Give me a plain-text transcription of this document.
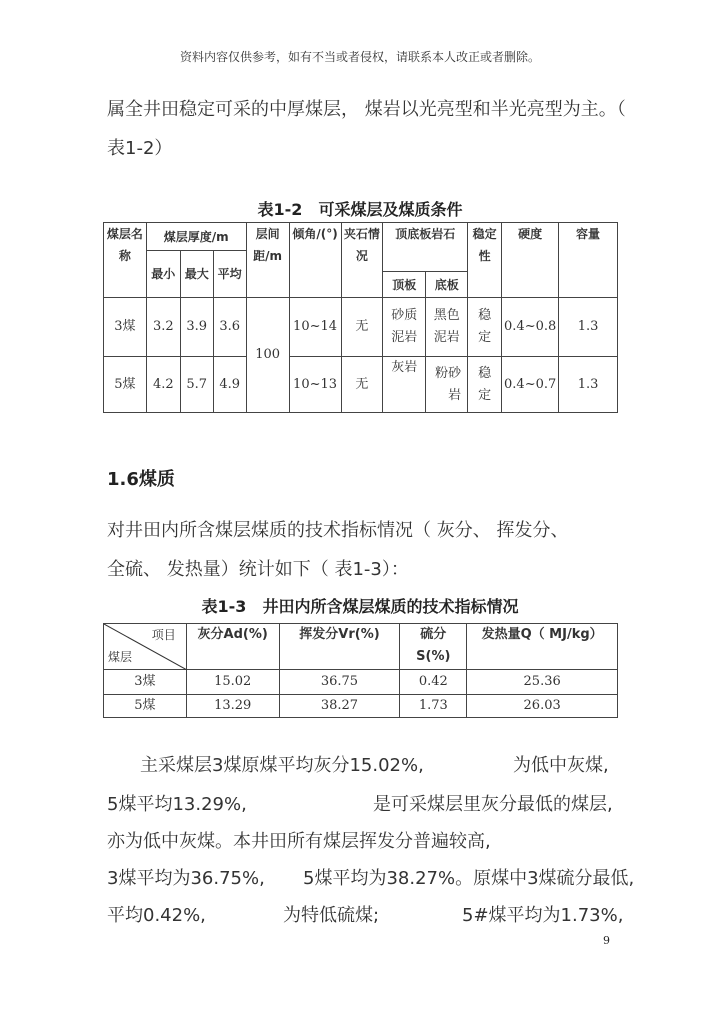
资料内容仅供参考，如有不当或者侵权，请联系本人改正或者删除。
属全井田稳定可采的中厚煤层， 煤岩以光亮型和半光亮型为主。（
表1-2）
表1-2　可采煤层及煤质条件
煤层名称	煤层厚度/m			层间距/m	倾角/(°)	夹石情况	顶底板岩石		稳定性	硬度	容量
	最小	最大	平均								
							顶板	底板			
3煤	3.2	3.9	3.6	100	10~14	无	砂质泥岩	黑色泥岩	稳定	0.4~0.8	1.3
5煤	4.2	5.7	4.9		10~13	无	灰岩	粉砂岩	稳定	0.4~0.7	1.3
1.6煤质
对井田内所含煤层煤质的技术指标情况（ 灰分、 挥发分、
全硫、 发热量）统计如下（ 表1-3）：
表1-3　井田内所含煤层煤质的技术指标情况
项目
煤层	灰分Ad(%)	挥发分Vr(%)	硫分S(%)	发热量Q（ MJ/kg）
3煤	15.02	36.75	0.42	25.36
5煤	13.29	38.27	1.73	26.03
主采煤层3煤原煤平均灰分15.02%,	为低中灰煤,
5煤平均13.29%,	是可采煤层里灰分最低的煤层,
亦为低中灰煤。本井田所有煤层挥发分普遍较高,
3煤平均为36.75%, 5煤平均为38.27%。原煤中3煤硫分最低,
平均0.42%,	为特低硫煤;	5#煤平均为1.73%,
9
